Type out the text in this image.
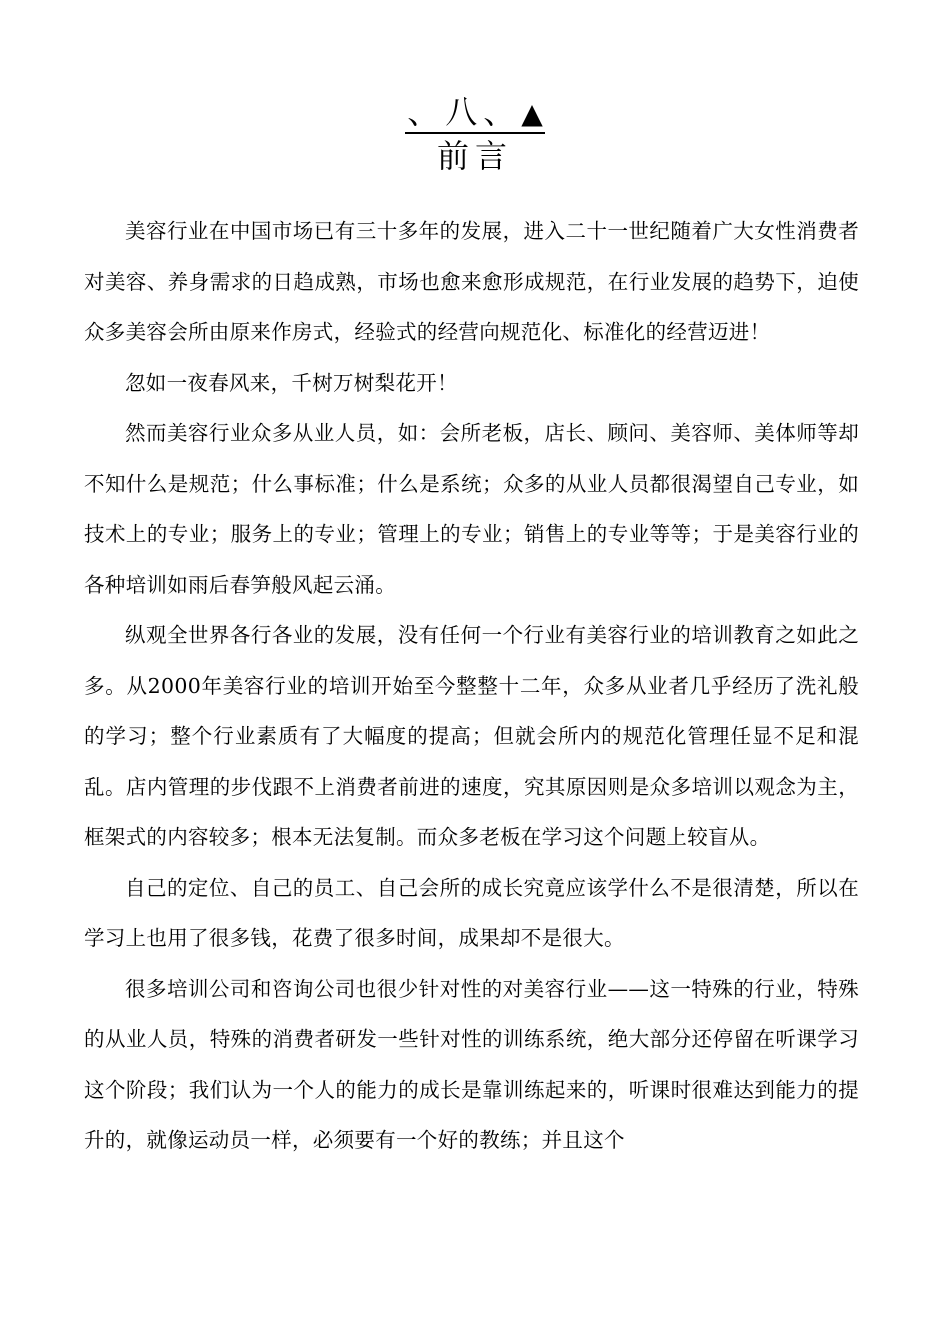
、八、▲
前言

美容行业在中国市场已有三十多年的发展，进入二十一世纪随着广大女性消费者对美容、养身需求的日趋成熟，市场也愈来愈形成规范，在行业发展的趋势下，迫使众多美容会所由原来作房式，经验式的经营向规范化、标准化的经营迈进！

忽如一夜春风来，千树万树梨花开！

然而美容行业众多从业人员，如：会所老板，店长、顾问、美容师、美体师等却不知什么是规范；什么事标准；什么是系统；众多的从业人员都很渴望自己专业，如技术上的专业；服务上的专业；管理上的专业；销售上的专业等等；于是美容行业的各种培训如雨后春笋般风起云涌。

纵观全世界各行各业的发展，没有任何一个行业有美容行业的培训教育之如此之多。从2000年美容行业的培训开始至今整整十二年，众多从业者几乎经历了洗礼般的学习；整个行业素质有了大幅度的提高；但就会所内的规范化管理任显不足和混乱。店内管理的步伐跟不上消费者前进的速度，究其原因则是众多培训以观念为主，框架式的内容较多；根本无法复制。而众多老板在学习这个问题上较盲从。

自己的定位、自己的员工、自己会所的成长究竟应该学什么不是很清楚，所以在学习上也用了很多钱，花费了很多时间，成果却不是很大。

很多培训公司和咨询公司也很少针对性的对美容行业——这一特殊的行业，特殊的从业人员，特殊的消费者研发一些针对性的训练系统，绝大部分还停留在听课学习这个阶段；我们认为一个人的能力的成长是靠训练起来的，听课时很难达到能力的提升的，就像运动员一样，必须要有一个好的教练；并且这个
